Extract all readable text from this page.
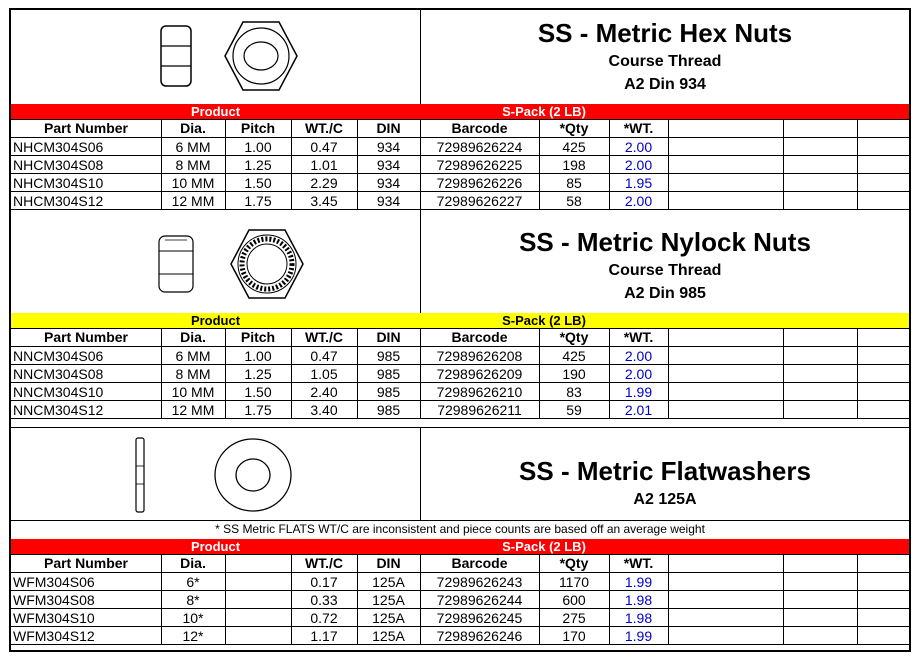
SS - Metric Hex Nuts
Course Thread
A2 Din 934
Product	S-Pack (2 LB)
Part Number	Dia.	Pitch	WT./C	DIN	Barcode	*Qty	*WT.
NHCM304S06	6 MM	1.00	0.47	934	72989626224	425	2.00
NHCM304S08	8 MM	1.25	1.01	934	72989626225	198	2.00
NHCM304S10	10 MM	1.50	2.29	934	72989626226	85	1.95
NHCM304S12	12 MM	1.75	3.45	934	72989626227	58	2.00
SS - Metric Nylock Nuts
Course Thread
A2 Din 985
Product	S-Pack (2 LB)
Part Number	Dia.	Pitch	WT./C	DIN	Barcode	*Qty	*WT.
NNCM304S06	6 MM	1.00	0.47	985	72989626208	425	2.00
NNCM304S08	8 MM	1.25	1.05	985	72989626209	190	2.00
NNCM304S10	10 MM	1.50	2.40	985	72989626210	83	1.99
NNCM304S12	12 MM	1.75	3.40	985	72989626211	59	2.01
SS - Metric Flatwashers
A2 125A
* SS Metric FLATS WT/C are inconsistent and piece counts are based off an average weight
Product	S-Pack (2 LB)
Part Number	Dia.	WT./C	DIN	Barcode	*Qty	*WT.
WFM304S06	6*	0.17	125A	72989626243	1170	1.99
WFM304S08	8*	0.33	125A	72989626244	600	1.98
WFM304S10	10*	0.72	125A	72989626245	275	1.98
WFM304S12	12*	1.17	125A	72989626246	170	1.99
